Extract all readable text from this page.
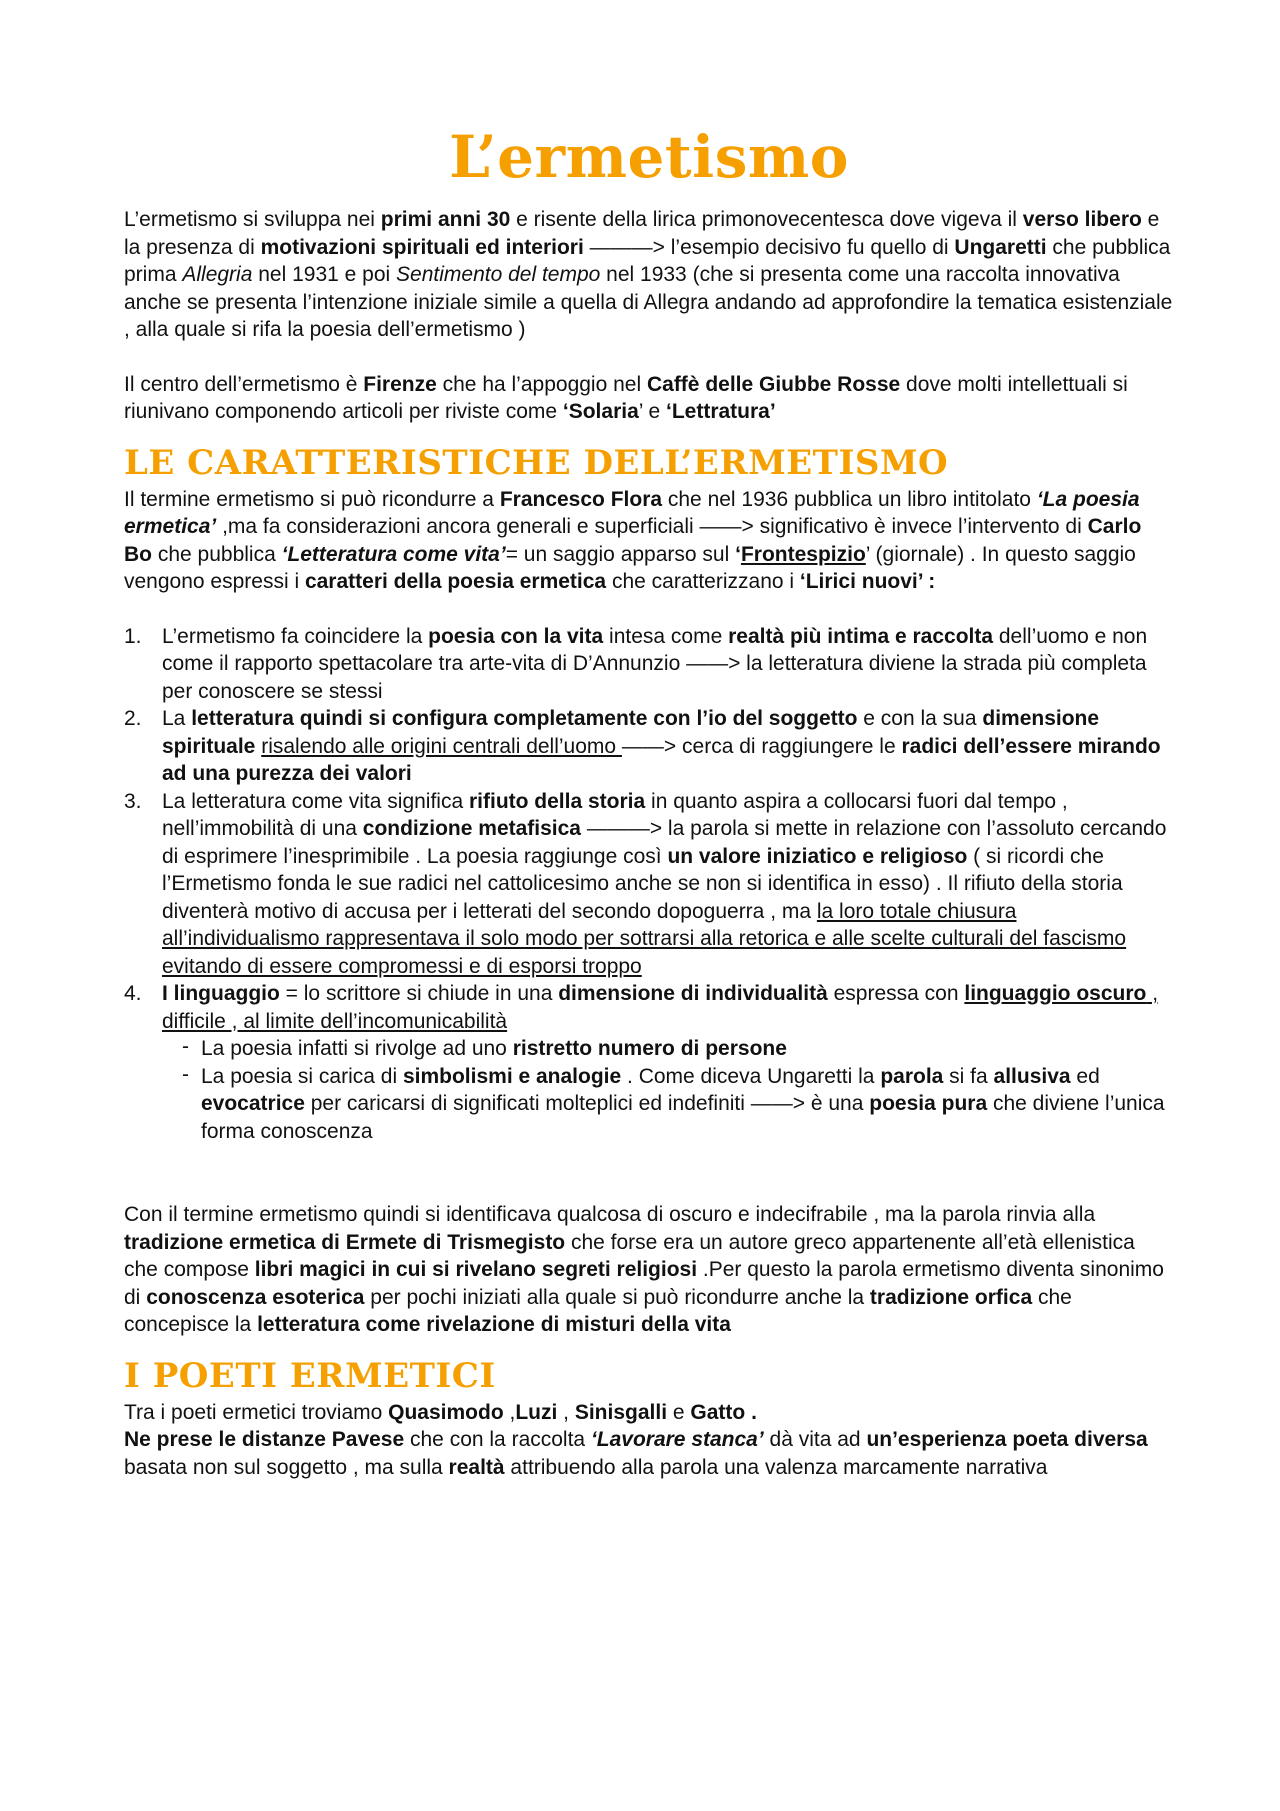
L’ermetismo

L’ermetismo si sviluppa nei primi anni 30 e risente della lirica primonovecentesca dove vigeva il verso libero e la presenza di motivazioni spirituali ed interiori ———> l’esempio decisivo fu quello di Ungaretti che pubblica prima Allegria nel 1931 e poi Sentimento del tempo nel 1933 (che si presenta come una raccolta innovativa anche se presenta l’intenzione iniziale simile a quella di Allegra andando ad approfondire la tematica esistenziale , alla quale si rifa la poesia dell’ermetismo )

Il centro dell’ermetismo è Firenze che ha l’appoggio nel Caffè delle Giubbe Rosse dove molti intellettuali si riunivano componendo articoli per riviste come ‘Solaria’ e ‘Lettratura’

LE CARATTERISTICHE DELL’ERMETISMO

Il termine ermetismo si può ricondurre a Francesco Flora che nel 1936 pubblica un libro intitolato ‘La poesia ermetica’ ,ma fa considerazioni ancora generali e superficiali ——> significativo è invece l’intervento di Carlo Bo che pubblica ‘Letteratura come vita’= un saggio apparso sul ‘Frontespizio’ (giornale) . In questo saggio vengono espressi i caratteri della poesia ermetica che caratterizzano i ‘Lirici nuovi’ :

1. L’ermetismo fa coincidere la poesia con la vita intesa come realtà più intima e raccolta dell’uomo e non come il rapporto spettacolare tra arte-vita di D’Annunzio ——> la letteratura diviene la strada più completa per conoscere se stessi
2. La letteratura quindi si configura completamente con l’io del soggetto e con la sua dimensione spirituale risalendo alle origini centrali dell’uomo ——> cerca di raggiungere le radici dell’essere mirando ad una purezza dei valori
3. La letteratura come vita significa rifiuto della storia in quanto aspira a collocarsi fuori dal tempo , nell’immobilità di una condizione metafisica ———> la parola si mette in relazione con l’assoluto cercando di esprimere l’inesprimibile . La poesia raggiunge così un valore iniziatico e religioso ( si ricordi che l’Ermetismo fonda le sue radici nel cattolicesimo anche se non si identifica in esso) . Il rifiuto della storia diventerà motivo di accusa per i letterati del secondo dopoguerra , ma la loro totale chiusura all’individualismo rappresentava il solo modo per sottrarsi alla retorica e alle scelte culturali del fascismo evitando di essere compromessi e di esporsi troppo
4. I linguaggio = lo scrittore si chiude in una dimensione di individualità espressa con linguaggio oscuro , difficile , al limite dell’incomunicabilità
- La poesia infatti si rivolge ad uno ristretto numero di persone
- La poesia si carica di simbolismi e analogie . Come diceva Ungaretti la parola si fa allusiva ed evocatrice per caricarsi di significati molteplici ed indefiniti ——> è una poesia pura che diviene l’unica forma conoscenza

Con il termine ermetismo quindi si identificava qualcosa di oscuro e indecifrabile , ma la parola rinvia alla tradizione ermetica di Ermete di Trismegisto che forse era un autore greco appartenente all’età ellenistica che compose libri magici in cui si rivelano segreti religiosi .Per questo la parola ermetismo diventa sinonimo di conoscenza esoterica per pochi iniziati alla quale si può ricondurre anche la tradizione orfica che concepisce la letteratura come rivelazione di misturi della vita

I POETI ERMETICI

Tra i poeti ermetici troviamo Quasimodo ,Luzi , Sinisgalli e Gatto .

Ne prese le distanze Pavese che con la raccolta ‘Lavorare stanca’ dà vita ad un’esperienza poeta diversa basata non sul soggetto , ma sulla realtà attribuendo alla parola una valenza marcamente narrativa
